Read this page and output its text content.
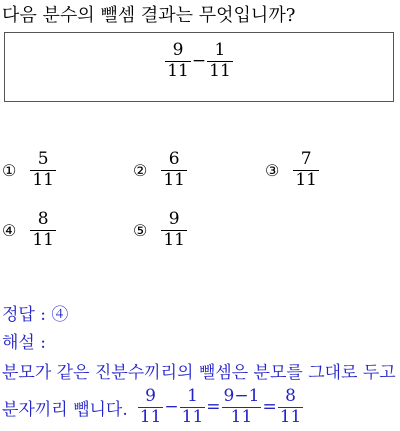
다음 분수의 뺄셈 결과는 무엇입니까?
$\frac{9}{11} - \frac{1}{11}$
① $\frac{5}{11}$	② $\frac{6}{11}$	③ $\frac{7}{11}$
④ $\frac{8}{11}$	⑤ $\frac{9}{11}$
정답 : ④
해설 :
분모가 같은 진분수끼리의 뺄셈은 분모를 그대로 두고
분자끼리 뺍니다. $\frac{9}{11} - \frac{1}{11} = \frac{9-1}{11} = \frac{8}{11}$
